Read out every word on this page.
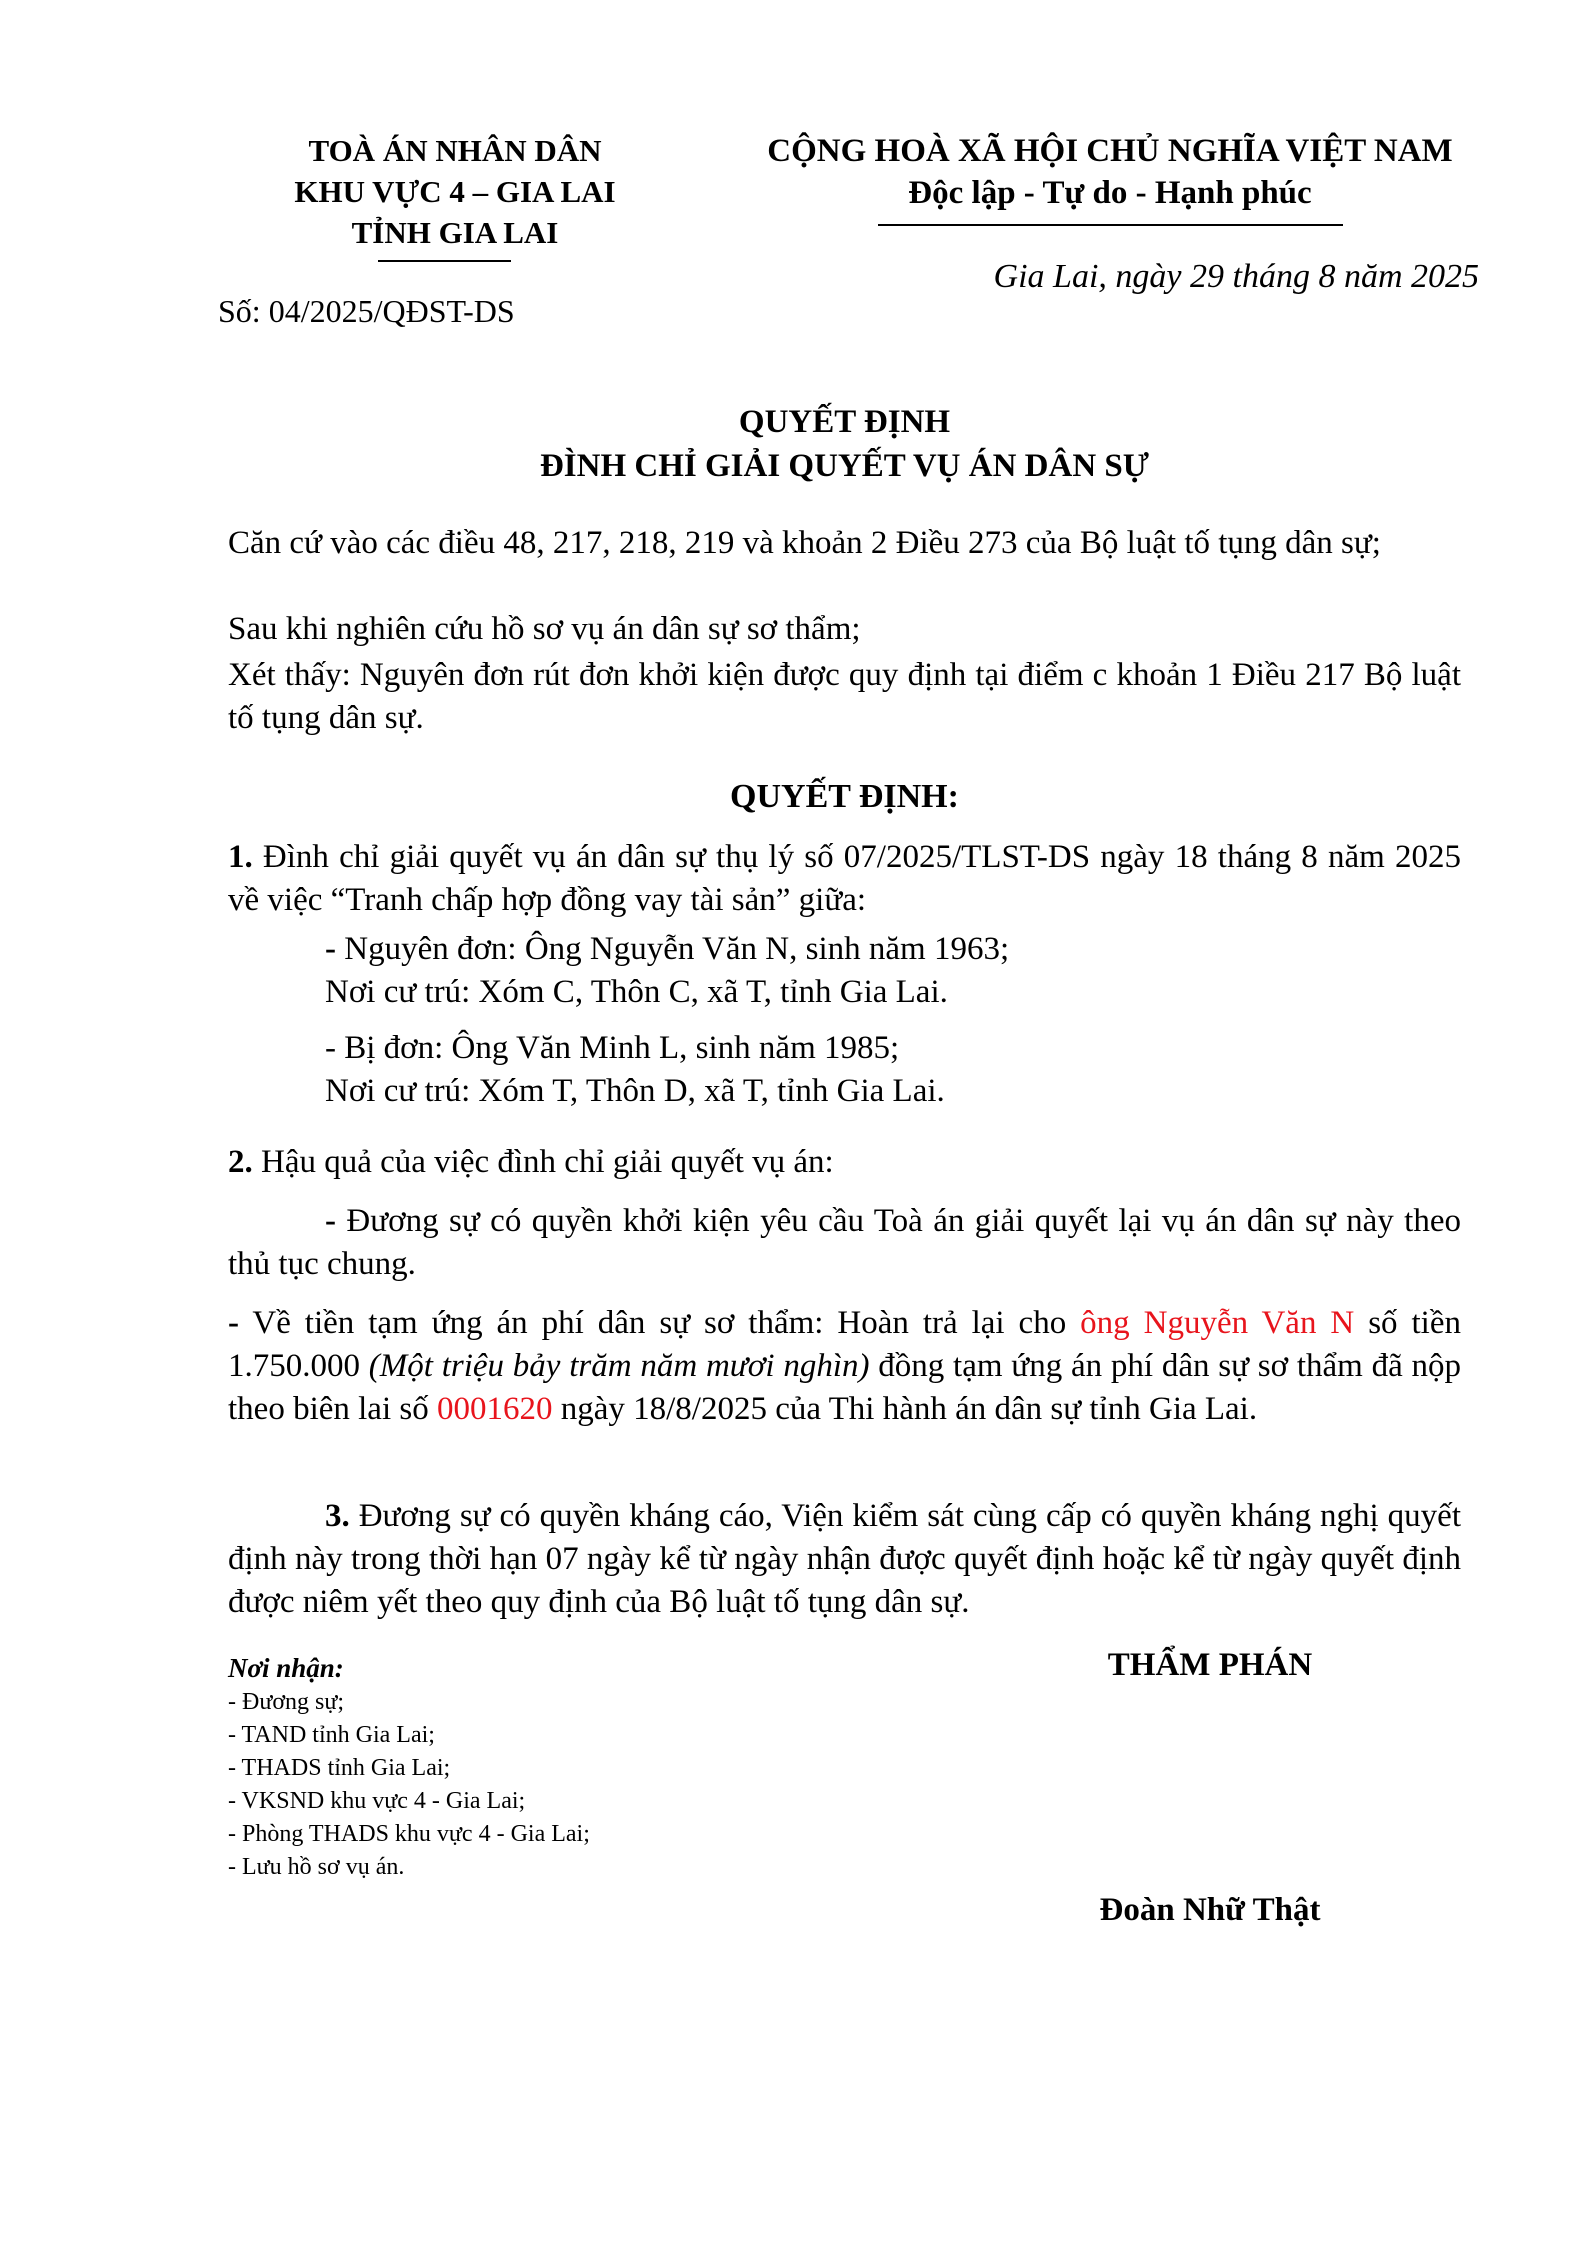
TOÀ ÁN NHÂN DÂN
KHU VỰC 4 – GIA LAI
TỈNH GIA LAI
Số: 04/2025/QĐST-DS
CỘNG HOÀ XÃ HỘI CHỦ NGHĨA VIỆT NAM
Độc lập - Tự do - Hạnh phúc
Gia Lai, ngày 29 tháng 8 năm 2025
QUYẾT ĐỊNH
ĐÌNH CHỈ GIẢI QUYẾT VỤ ÁN DÂN SỰ
Căn cứ vào các điều 48, 217, 218, 219 và khoản 2 Điều 273 của Bộ luật tố tụng dân sự;
Sau khi nghiên cứu hồ sơ vụ án dân sự sơ thẩm;
Xét thấy: Nguyên đơn rút đơn khởi kiện được quy định tại điểm c khoản 1 Điều 217 Bộ luật tố tụng dân sự.
QUYẾT ĐỊNH:
1. Đình chỉ giải quyết vụ án dân sự thụ lý số 07/2025/TLST-DS ngày 18 tháng 8 năm 2025 về việc “Tranh chấp hợp đồng vay tài sản” giữa:
- Nguyên đơn: Ông Nguyễn Văn N, sinh năm 1963;
Nơi cư trú: Xóm C, Thôn C, xã T, tỉnh Gia Lai.
- Bị đơn: Ông Văn Minh L, sinh năm 1985;
Nơi cư trú: Xóm T, Thôn D, xã T, tỉnh Gia Lai.
2. Hậu quả của việc đình chỉ giải quyết vụ án:
- Đương sự có quyền khởi kiện yêu cầu Toà án giải quyết lại vụ án dân sự này theo thủ tục chung.
- Về tiền tạm ứng án phí dân sự sơ thẩm: Hoàn trả lại cho ông Nguyễn Văn N số tiền 1.750.000 (Một triệu bảy trăm năm mươi nghìn) đồng tạm ứng án phí dân sự sơ thẩm đã nộp theo biên lai số 0001620 ngày 18/8/2025 của Thi hành án dân sự tỉnh Gia Lai.
3. Đương sự có quyền kháng cáo, Viện kiểm sát cùng cấp có quyền kháng nghị quyết định này trong thời hạn 07 ngày kể từ ngày nhận được quyết định hoặc kể từ ngày quyết định được niêm yết theo quy định của Bộ luật tố tụng dân sự.
Nơi nhận:
- Đương sự;
- TAND tỉnh Gia Lai;
- THADS tỉnh Gia Lai;
- VKSND khu vực 4 - Gia Lai;
- Phòng THADS khu vực 4 - Gia Lai;
- Lưu hồ sơ vụ án.
THẨM PHÁN
Đoàn Nhữ Thật
